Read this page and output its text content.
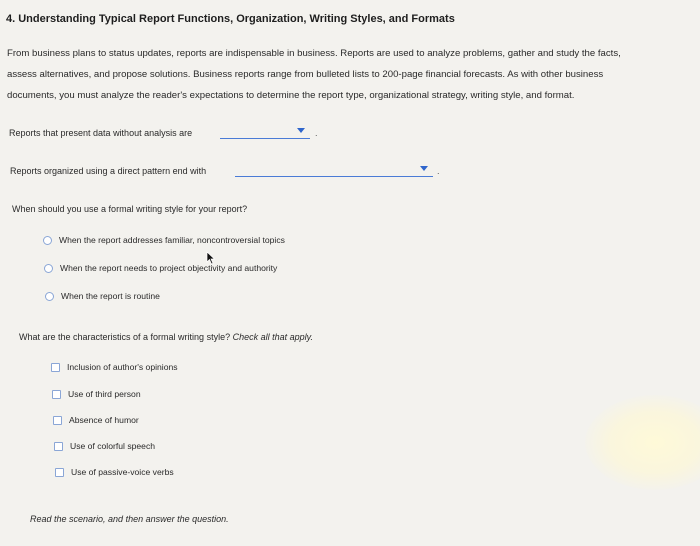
4. Understanding Typical Report Functions, Organization, Writing Styles, and Formats
From business plans to status updates, reports are indispensable in business. Reports are used to analyze problems, gather and study the facts,
assess alternatives, and propose solutions. Business reports range from bulleted lists to 200-page financial forecasts. As with other business
documents, you must analyze the reader's expectations to determine the report type, organizational strategy, writing style, and format.
Reports that present data without analysis are	.
Reports organized using a direct pattern end with	.
When should you use a formal writing style for your report?
When the report addresses familiar, noncontroversial topics
When the report needs to project objectivity and authority
When the report is routine
What are the characteristics of a formal writing style? Check all that apply.
Inclusion of author's opinions
Use of third person
Absence of humor
Use of colorful speech
Use of passive-voice verbs
Read the scenario, and then answer the question.
